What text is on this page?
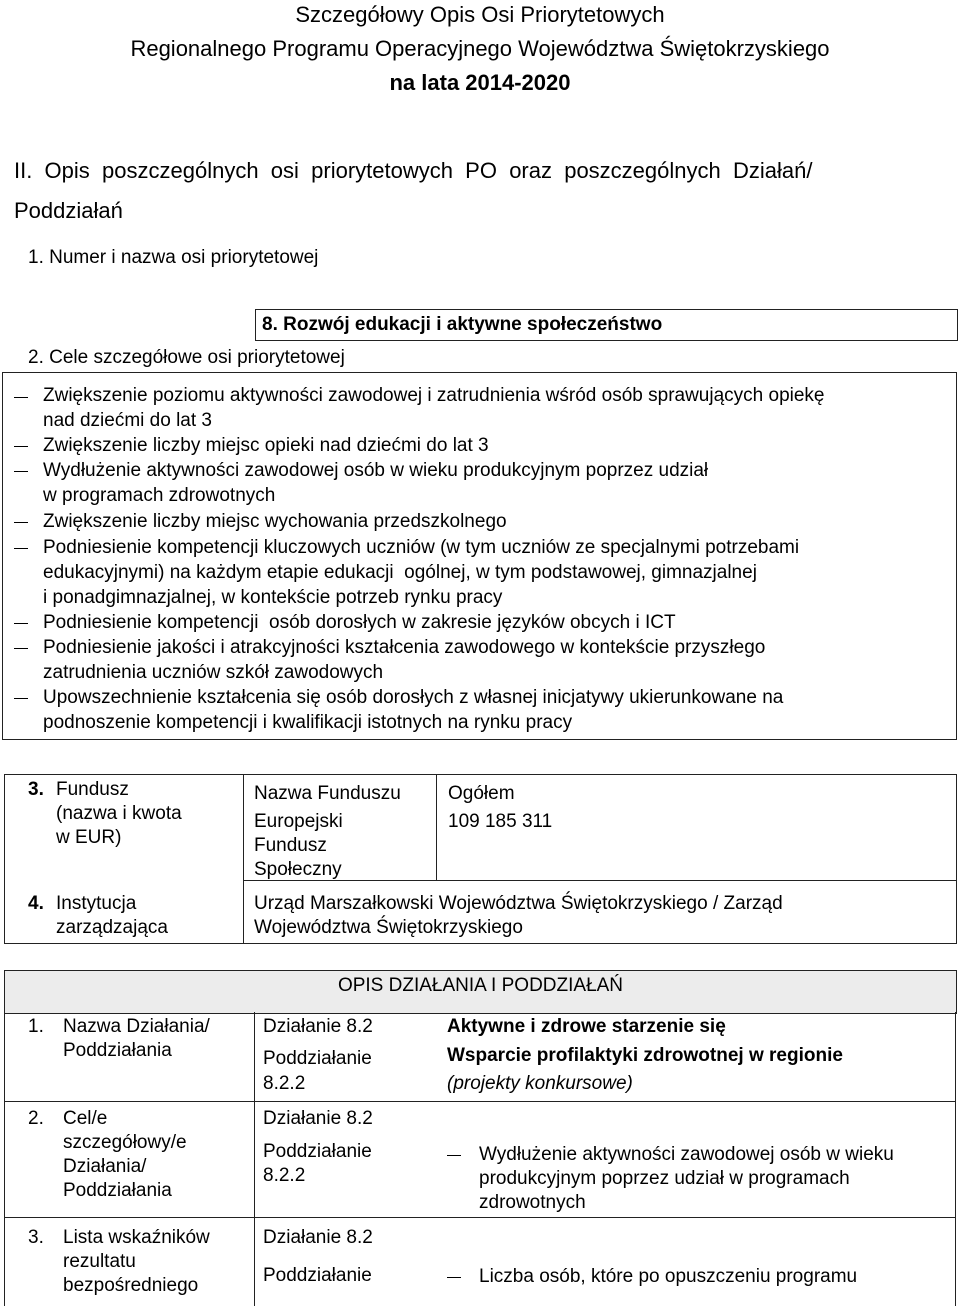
Szczegółowy Opis Osi Priorytetowych
Regionalnego Programu Operacyjnego Województwa Świętokrzyskiego
na lata 2014-2020
II.  Opis  poszczególnych  osi  priorytetowych  PO  oraz  poszczególnych  Działań/
Poddziałań
1. Numer i nazwa osi priorytetowej
8. Rozwój edukacji i aktywne społeczeństwo
2. Cele szczegółowe osi priorytetowej
Zwiększenie poziomu aktywności zawodowej i zatrudnienia wśród osób sprawujących opiekę
nad dziećmi do lat 3
Zwiększenie liczby miejsc opieki nad dziećmi do lat 3
Wydłużenie aktywności zawodowej osób w wieku produkcyjnym poprzez udział
w programach zdrowotnych
Zwiększenie liczby miejsc wychowania przedszkolnego
Podniesienie kompetencji kluczowych uczniów (w tym uczniów ze specjalnymi potrzebami
edukacyjnymi) na każdym etapie edukacji  ogólnej, w tym podstawowej, gimnazjalnej
i ponadgimnazjalnej, w kontekście potrzeb rynku pracy
Podniesienie kompetencji  osób dorosłych w zakresie języków obcych i ICT
Podniesienie jakości i atrakcyjności kształcenia zawodowego w kontekście przyszłego
zatrudnienia uczniów szkół zawodowych
Upowszechnienie kształcenia się osób dorosłych z własnej inicjatywy ukierunkowane na
podnoszenie kompetencji i kwalifikacji istotnych na rynku pracy
3. Fundusz
(nazwa i kwota
w EUR)
Nazwa Funduszu
Europejski
Fundusz
Społeczny
Ogółem
109 185 311
4. Instytucja
zarządzająca
Urząd Marszałkowski Województwa Świętokrzyskiego / Zarząd
Województwa Świętokrzyskiego
OPIS DZIAŁANIA I PODDZIAŁAŃ
1. Nazwa Działania/
Poddziałania
Działanie 8.2	Aktywne i zdrowe starzenie się
Poddziałanie
8.2.2
Wsparcie profilaktyki zdrowotnej w regionie
(projekty konkursowe)
2. Cel/e
szczegółowy/e
Działania/
Poddziałania
Działanie 8.2
Poddziałanie
8.2.2
Wydłużenie aktywności zawodowej osób w wieku
produkcyjnym poprzez udział w programach
zdrowotnych
3. Lista wskaźników
rezultatu
bezpośredniego
Działanie 8.2
Poddziałanie	Liczba osób, które po opuszczeniu programu
